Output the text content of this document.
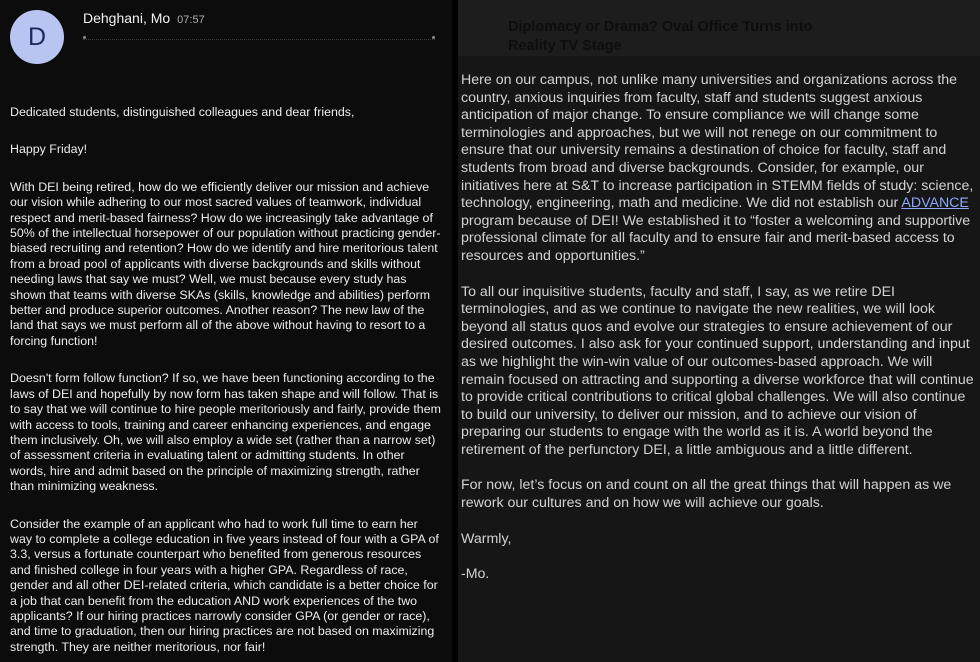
D
Dehghani, Mo 07:57

Dedicated students, distinguished colleagues and dear friends,

Happy Friday!

With DEI being retired, how do we efficiently deliver our mission and achieve our vision while adhering to our most sacred values of teamwork, individual respect and merit-based fairness? How do we increasingly take advantage of 50% of the intellectual horsepower of our population without practicing gender-biased recruiting and retention? How do we identify and hire meritorious talent from a broad pool of applicants with diverse backgrounds and skills without needing laws that say we must? Well, we must because every study has shown that teams with diverse SKAs (skills, knowledge and abilities) perform better and produce superior outcomes. Another reason? The new law of the land that says we must perform all of the above without having to resort to a forcing function!

Doesn't form follow function? If so, we have been functioning according to the laws of DEI and hopefully by now form has taken shape and will follow. That is to say that we will continue to hire people meritoriously and fairly, provide them with access to tools, training and career enhancing experiences, and engage them inclusively. Oh, we will also employ a wide set (rather than a narrow set) of assessment criteria in evaluating talent or admitting students. In other words, hire and admit based on the principle of maximizing strength, rather than minimizing weakness.

Consider the example of an applicant who had to work full time to earn her way to complete a college education in five years instead of four with a GPA of 3.3, versus a fortunate counterpart who benefited from generous resources and finished college in four years with a higher GPA. Regardless of race, gender and all other DEI-related criteria, which candidate is a better choice for a job that can benefit from the education AND work experiences of the two applicants? If our hiring practices narrowly consider GPA (or gender or race), and time to graduation, then our hiring practices are not based on maximizing strength. They are neither meritorious, nor fair!

Diplomacy or Drama? Oval Office Turns into Reality TV Stage

Here on our campus, not unlike many universities and organizations across the country, anxious inquiries from faculty, staff and students suggest anxious anticipation of major change. To ensure compliance we will change some terminologies and approaches, but we will not renege on our commitment to ensure that our university remains a destination of choice for faculty, staff and students from broad and diverse backgrounds. Consider, for example, our initiatives here at S&T to increase participation in STEMM fields of study: science, technology, engineering, math and medicine. We did not establish our ADVANCE program because of DEI! We established it to “foster a welcoming and supportive professional climate for all faculty and to ensure fair and merit-based access to resources and opportunities.”

To all our inquisitive students, faculty and staff, I say, as we retire DEI terminologies, and as we continue to navigate the new realities, we will look beyond all status quos and evolve our strategies to ensure achievement of our desired outcomes. I also ask for your continued support, understanding and input as we highlight the win-win value of our outcomes-based approach. We will remain focused on attracting and supporting a diverse workforce that will continue to provide critical contributions to critical global challenges. We will also continue to build our university, to deliver our mission, and to achieve our vision of preparing our students to engage with the world as it is. A world beyond the retirement of the perfunctory DEI, a little ambiguous and a little different.

For now, let’s focus on and count on all the great things that will happen as we rework our cultures and on how we will achieve our goals.

Warmly,

-Mo.
